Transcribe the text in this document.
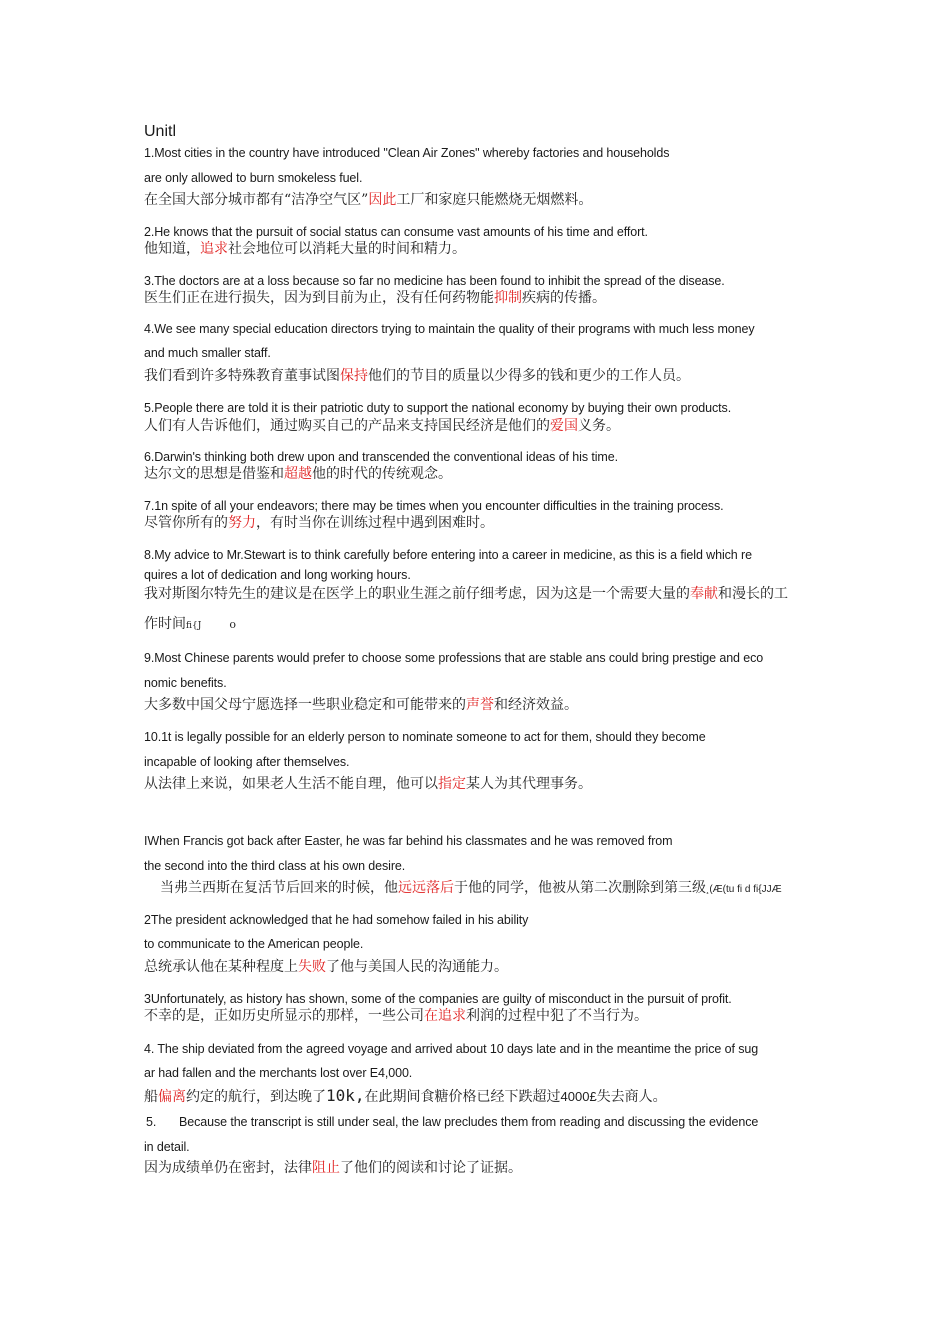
Unitl
1.Most cities in the country have introduced "Clean Air Zones" whereby factories and households
are only allowed to burn smokeless fuel.
在全国大部分城市都有“洁净空气区”因此工厂和家庭只能燃烧无烟燃料。
2.He knows that the pursuit of social status can consume vast amounts of his time and effort.
他知道，追求社会地位可以消耗大量的时间和精力。
3.The doctors are at a loss because so far no medicine has been found to inhibit the spread of the disease.
医生们正在进行损失，因为到目前为止，没有任何药物能抑制疾病的传播。
4.We see many special education directors trying to maintain the quality of their programs with much less money
and much smaller staff.
我们看到许多特殊教育董事试图保持他们的节目的质量以少得多的钱和更少的工作人员。
5.People there are told it is their patriotic duty to support the national economy by buying their own products.
人们有人告诉他们，通过购买自己的产品来支持国民经济是他们的爱国义务。
6.Darwin's thinking both drew upon and transcended the conventional ideas of his time.
达尔文的思想是借鉴和超越他的时代的传统观念。
7.1n spite of all your endeavors; there may be times when you encounter difficulties in the training process.
尽管你所有的努力，有时当你在训练过程中遇到困难时。
8.My advice to Mr.Stewart is to think carefully before entering into a career in medicine, as this is a field which re
quires a lot of dedication and long working hours.
我对斯图尔特先生的建议是在医学上的职业生涯之前仔细考虑，因为这是一个需要大量的奉献和漫长的工
作时间fi{J	o
9.Most Chinese parents would prefer to choose some professions that are stable ans could bring prestige and eco
nomic benefits.
大多数中国父母宁愿选择一些职业稳定和可能带来的声誉和经济效益。
10.1t is legally possible for an elderly person to nominate someone to act for them, should they become
incapable of looking after themselves.
从法律上来说，如果老人生活不能自理，他可以指定某人为其代理事务。
IWhen Francis got back after Easter, he was far behind his classmates and he was removed from
the second into the third class at his own desire.
当弗兰西斯在复活节后回来的时候，他远远落后于他的同学，他被从第二次删除到第三级¸(Æ(tu fi d fi{JJÆ
2The president acknowledged that he had somehow failed in his ability
to communicate to the American people.
总统承认他在某种程度上失败了他与美国人民的沟通能力。
3Unfortunately, as history has shown, some of the companies are guilty of misconduct in the pursuit of profit.
不幸的是，正如历史所显示的那样，一些公司在追求利润的过程中犯了不当行为。
4. The ship deviated from the agreed voyage and arrived about 10 days late and in the meantime the price of sug
ar had fallen and the merchants lost over E4,000.
船偏离约定的航行，到达晚了10k,在此期间食糖价格已经下跌超过4000£失去商人。
5. Because the transcript is still under seal, the law precludes them from reading and discussing the evidence
in detail.
因为成绩单仍在密封，法律阻止了他们的阅读和讨论了证据。
